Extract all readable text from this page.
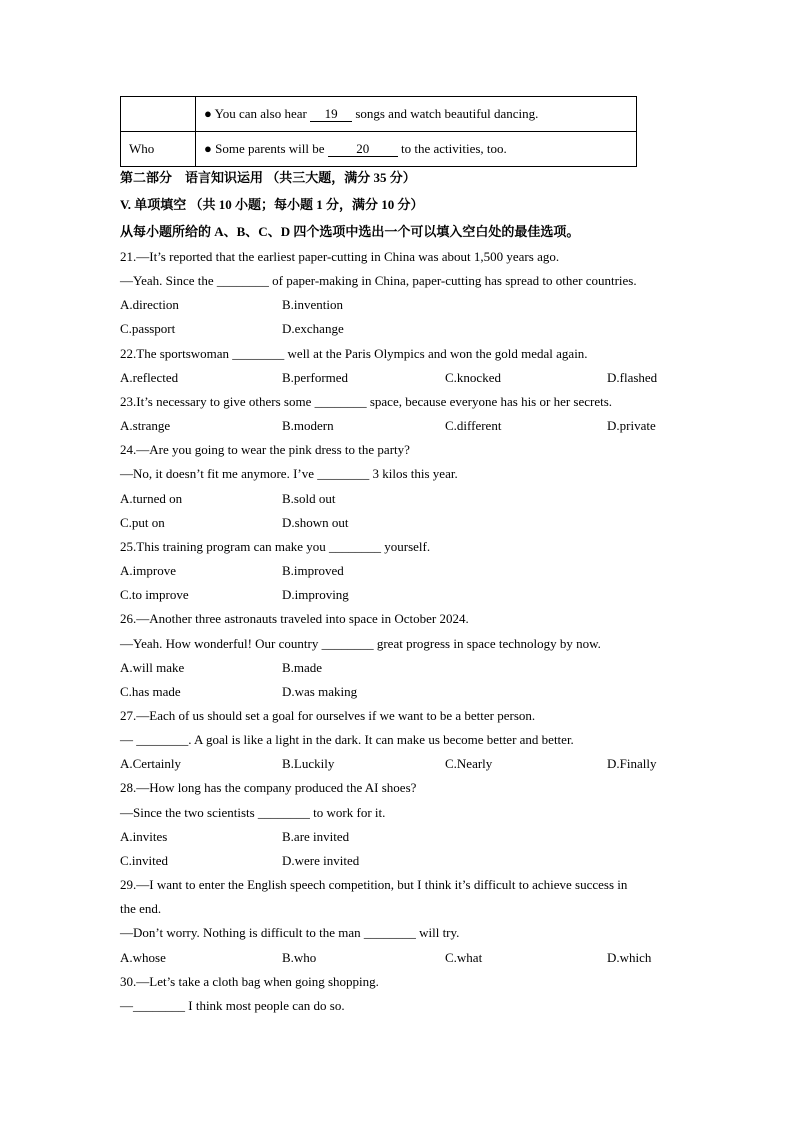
	● You can also hear 19 songs and watch beautiful dancing.
Who	● Some parents will be 20 to the activities, too.
第二部分　语言知识运用 （共三大题，满分 35 分）
V. 单项填空 （共 10 小题；每小题 1 分，满分 10 分）
从每小题所给的 A、B、C、D 四个选项中选出一个可以填入空白处的最佳选项。
21.—It’s reported that the earliest paper-cutting in China was about 1,500 years ago.
—Yeah. Since the ________ of paper-making in China, paper-cutting has spread to other countries.
A.direction	B.invention
C.passport	D.exchange
22.The sportswoman ________ well at the Paris Olympics and won the gold medal again.
A.reflected	B.performed	C.knocked	D.flashed
23.It’s necessary to give others some ________ space, because everyone has his or her secrets.
A.strange	B.modern	C.different	D.private
24.—Are you going to wear the pink dress to the party?
—No, it doesn’t fit me anymore. I’ve ________ 3 kilos this year.
A.turned on	B.sold out
C.put on	D.shown out
25.This training program can make you ________ yourself.
A.improve	B.improved
C.to improve	D.improving
26.—Another three astronauts traveled into space in October 2024.
—Yeah. How wonderful! Our country ________ great progress in space technology by now.
A.will make	B.made
C.has made	D.was making
27.—Each of us should set a goal for ourselves if we want to be a better person.
— ________. A goal is like a light in the dark. It can make us become better and better.
A.Certainly	B.Luckily	C.Nearly	D.Finally
28.—How long has the company produced the AI shoes?
—Since the two scientists ________ to work for it.
A.invites	B.are invited
C.invited	D.were invited
29.—I want to enter the English speech competition, but I think it’s difficult to achieve success in
the end.
—Don’t worry. Nothing is difficult to the man ________ will try.
A.whose	B.who	C.what	D.which
30.—Let’s take a cloth bag when going shopping.
—________ I think most people can do so.
